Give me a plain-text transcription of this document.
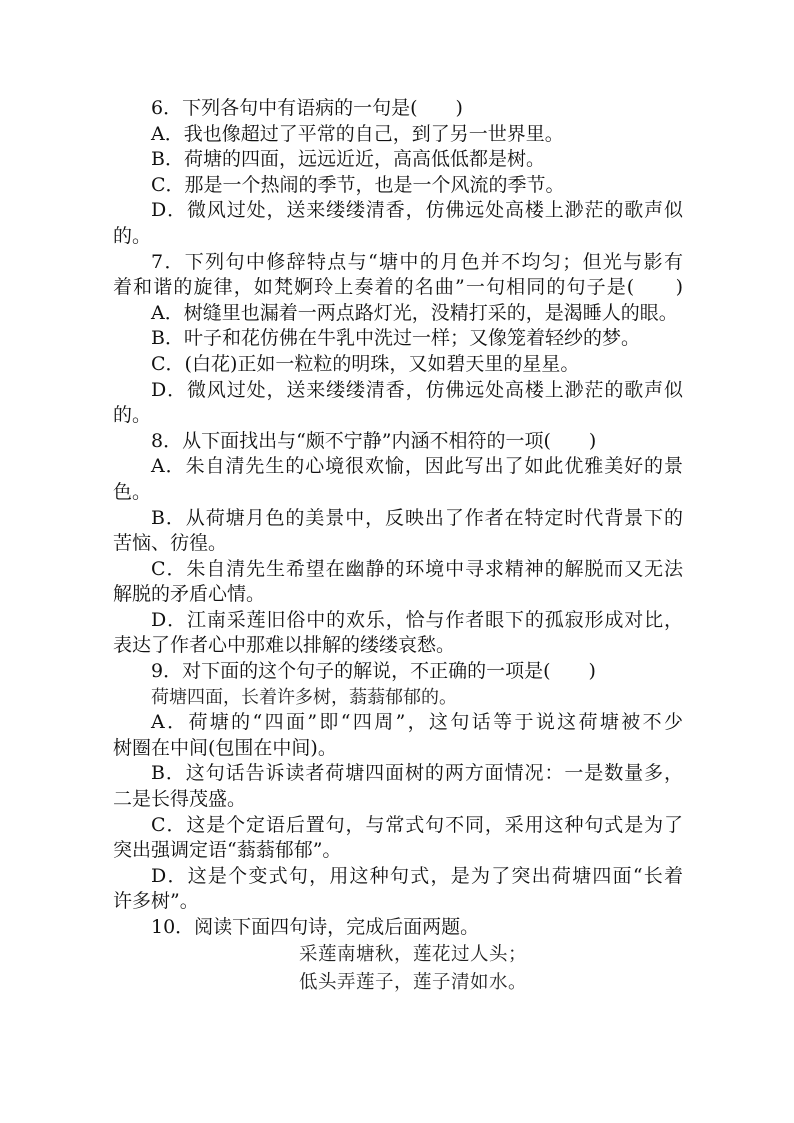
6．下列各句中有语病的一句是(　　)
A．我也像超过了平常的自己，到了另一世界里。
B．荷塘的四面，远远近近，高高低低都是树。
C．那是一个热闹的季节，也是一个风流的季节。
D．微风过处，送来缕缕清香，仿佛远处高楼上渺茫的歌声似
的。
7．下列句中修辞特点与“塘中的月色并不均匀；但光与影有
着和谐的旋律，如梵婀玲上奏着的名曲”一句相同的句子是(　　)
A．树缝里也漏着一两点路灯光，没精打采的，是渴睡人的眼。
B．叶子和花仿佛在牛乳中洗过一样；又像笼着轻纱的梦。
C．(白花)正如一粒粒的明珠，又如碧天里的星星。
D．微风过处，送来缕缕清香，仿佛远处高楼上渺茫的歌声似
的。
8．从下面找出与“颇不宁静”内涵不相符的一项(　　)
A．朱自清先生的心境很欢愉，因此写出了如此优雅美好的景
色。
B．从荷塘月色的美景中，反映出了作者在特定时代背景下的
苦恼、彷徨。
C．朱自清先生希望在幽静的环境中寻求精神的解脱而又无法
解脱的矛盾心情。
D．江南采莲旧俗中的欢乐，恰与作者眼下的孤寂形成对比，
表达了作者心中那难以排解的缕缕哀愁。
9．对下面的这个句子的解说，不正确的一项是(　　)
荷塘四面，长着许多树，蓊蓊郁郁的。
A．荷塘的“四面”即“四周”，这句话等于说这荷塘被不少
树圈在中间(包围在中间)。
B．这句话告诉读者荷塘四面树的两方面情况：一是数量多，
二是长得茂盛。
C．这是个定语后置句，与常式句不同，采用这种句式是为了
突出强调定语“蓊蓊郁郁”。
D．这是个变式句，用这种句式，是为了突出荷塘四面“长着
许多树”。
10．阅读下面四句诗，完成后面两题。
采莲南塘秋，莲花过人头；
低头弄莲子，莲子清如水。
